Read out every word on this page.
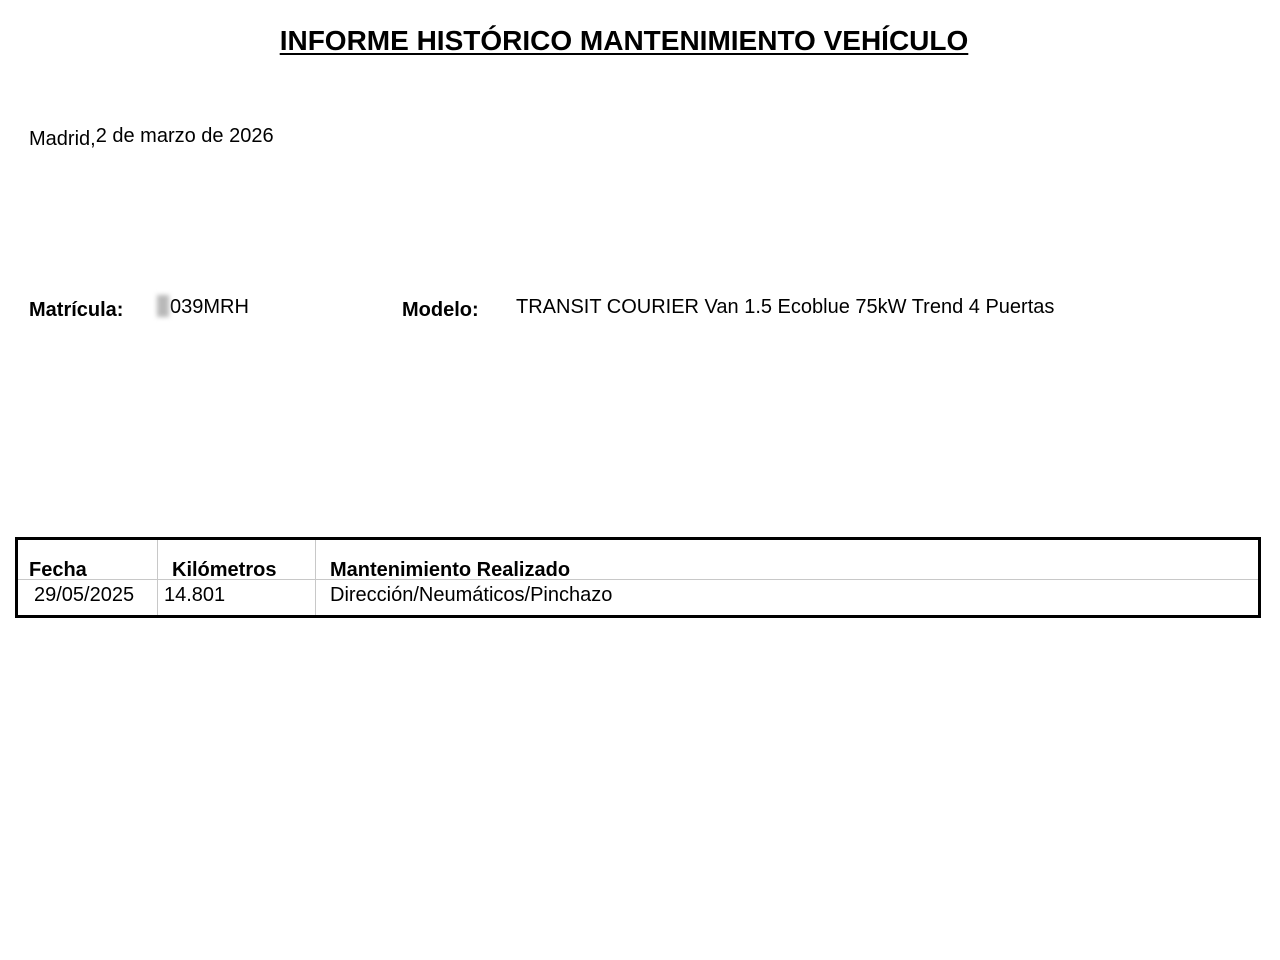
INFORME HISTÓRICO MANTENIMIENTO VEHÍCULO
Madrid,2 de marzo de 2026
Matrícula:	039MRH	Modelo: TRANSIT COURIER Van 1.5 Ecoblue 75kW Trend 4 Puertas
Fecha	Kilómetros	Mantenimiento Realizado
29/05/2025 14.801	Dirección/Neumáticos/Pinchazo
